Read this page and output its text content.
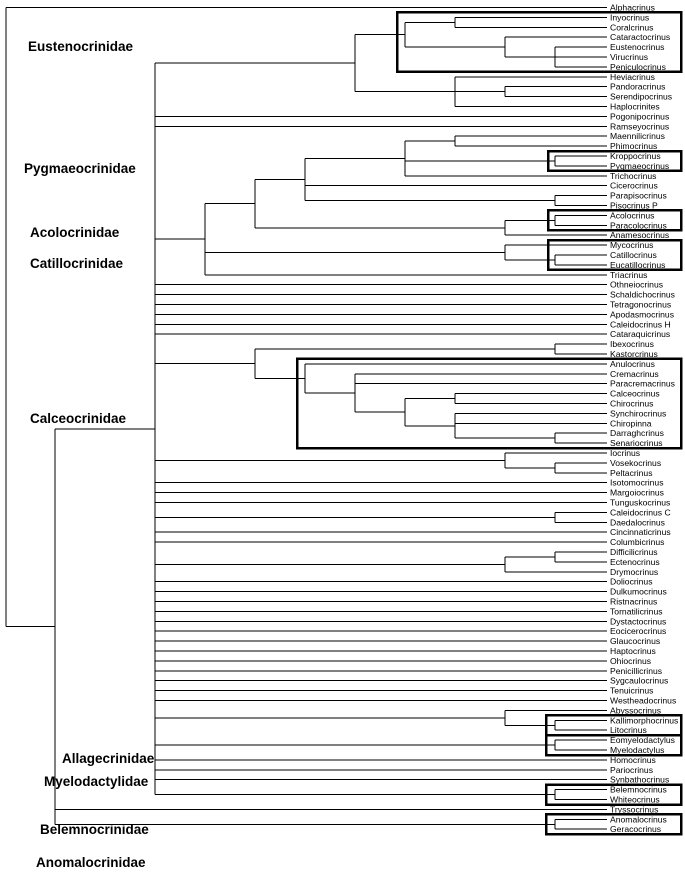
Alphacrinus
Inyocrinus
Coralcrinus
Cataractocrinus
Eustenocrinus
Virucrinus
Peniculocrinus
Heviacrinus
Pandoracrinus
Serendipocrinus
Haplocrinites
Pogonipocrinus
Ramseyocrinus
Maennilicrinus
Phimocrinus
Kroppocrinus
Pygmaeocrinus
Trichocrinus
Cicerocrinus
Parapisocrinus
Pisocrinus P
Acolocrinus
Paracolocrinus
Anamesocrinus
Mycocrinus
Catillocrinus
Eucatillocrinus
Triacrinus
Othneiocrinus
Schaldichocrinus
Tetragonocrinus
Apodasmocrinus
Caleidocrinus H
Cataraquicrinus
Ibexocrinus
Kastorcrinus
Anulocrinus
Cremacrinus
Paracremacrinus
Calceocrinus
Chirocrinus
Synchirocrinus
Chiropinna
Darraghcrinus
Senariocrinus
Iocrinus
Vosekocrinus
Peltacrinus
Isotomocrinus
Margoiocrinus
Tunguskocrinus
Caleidocrinus C
Daedalocrinus
Cincinnaticrinus
Columbicrinus
Difficilicrinus
Ectenocrinus
Drymocrinus
Doliocrinus
Dulkumocrinus
Ristnacrinus
Tornatilicrinus
Dystactocrinus
Eocicerocrinus
Glaucocrinus
Haptocrinus
Ohiocrinus
Penicillicrinus
Sygcaulocrinus
Tenuicrinus
Westheadocrinus
Abyssocrinus
Kallimorphocrinus
Litocrinus
Eomyelodactylus
Myelodactylus
Homocrinus
Pariocrinus
Synbathocrinus
Belemnocrinus
Whiteocrinus
Tryssocrinus
Anomalocrinus
Geracocrinus
Eustenocrinidae
Pygmaeocrinidae
Acolocrinidae
Catillocrinidae
Calceocrinidae
Allagecrinidae
Myelodactylidae
Belemnocrinidae
Anomalocrinidae
